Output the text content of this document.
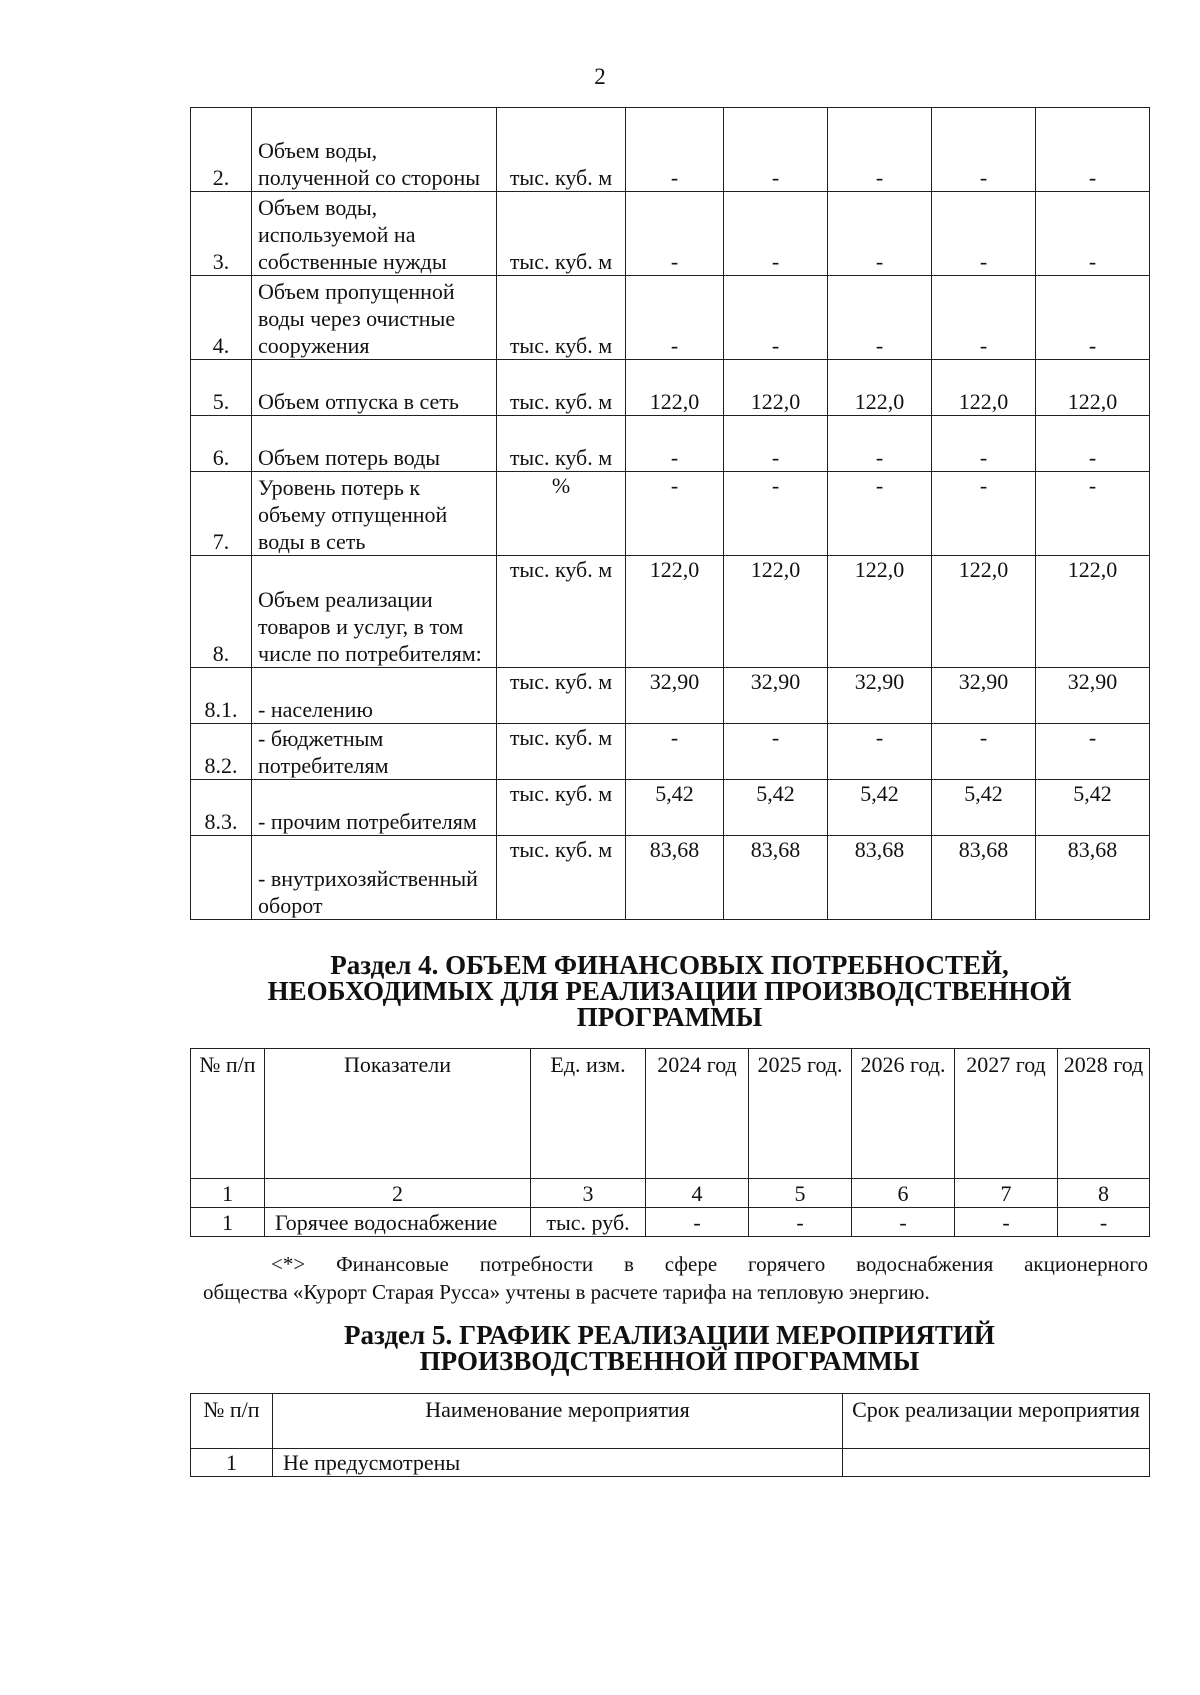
2
2.	Объем воды, полученной со стороны	тыс. куб. м	-	-	-	-	-
3.	Объем воды, используемой на собственные нужды	тыс. куб. м	-	-	-	-	-
4.	Объем пропущенной воды через очистные сооружения	тыс. куб. м	-	-	-	-	-
5.	Объем отпуска в сеть	тыс. куб. м	122,0	122,0	122,0	122,0	122,0
6.	Объем потерь воды	тыс. куб. м	-	-	-	-	-
7.	Уровень потерь к объему отпущенной воды в сеть	%	-	-	-	-	-
8.	Объем реализации товаров и услуг, в том числе по потребителям:	тыс. куб. м	122,0	122,0	122,0	122,0	122,0
8.1.	- населению	тыс. куб. м	32,90	32,90	32,90	32,90	32,90
8.2.	- бюджетным потребителям	тыс. куб. м	-	-	-	-	-
8.3.	- прочим потребителям	тыс. куб. м	5,42	5,42	5,42	5,42	5,42
	- внутрихозяйственный оборот	тыс. куб. м	83,68	83,68	83,68	83,68	83,68
Раздел 4. ОБЪЕМ ФИНАНСОВЫХ ПОТРЕБНОСТЕЙ,
НЕОБХОДИМЫХ ДЛЯ РЕАЛИЗАЦИИ ПРОИЗВОДСТВЕННОЙ
ПРОГРАММЫ
№ п/п	Показатели	Ед. изм.	2024 год	2025 год.	2026 год.	2027 год	2028 год
1	2	3	4	5	6	7	8
1	Горячее водоснабжение	тыс. руб.	-	-	-	-	-
<*> Финансовые потребности в сфере горячего водоснабжения акционерного
общества «Курорт Старая Русса» учтены в расчете тарифа на тепловую энергию.
Раздел 5. ГРАФИК РЕАЛИЗАЦИИ МЕРОПРИЯТИЙ
ПРОИЗВОДСТВЕННОЙ ПРОГРАММЫ
№ п/п	Наименование мероприятия	Срок реализации мероприятия
1	Не предусмотрены	
